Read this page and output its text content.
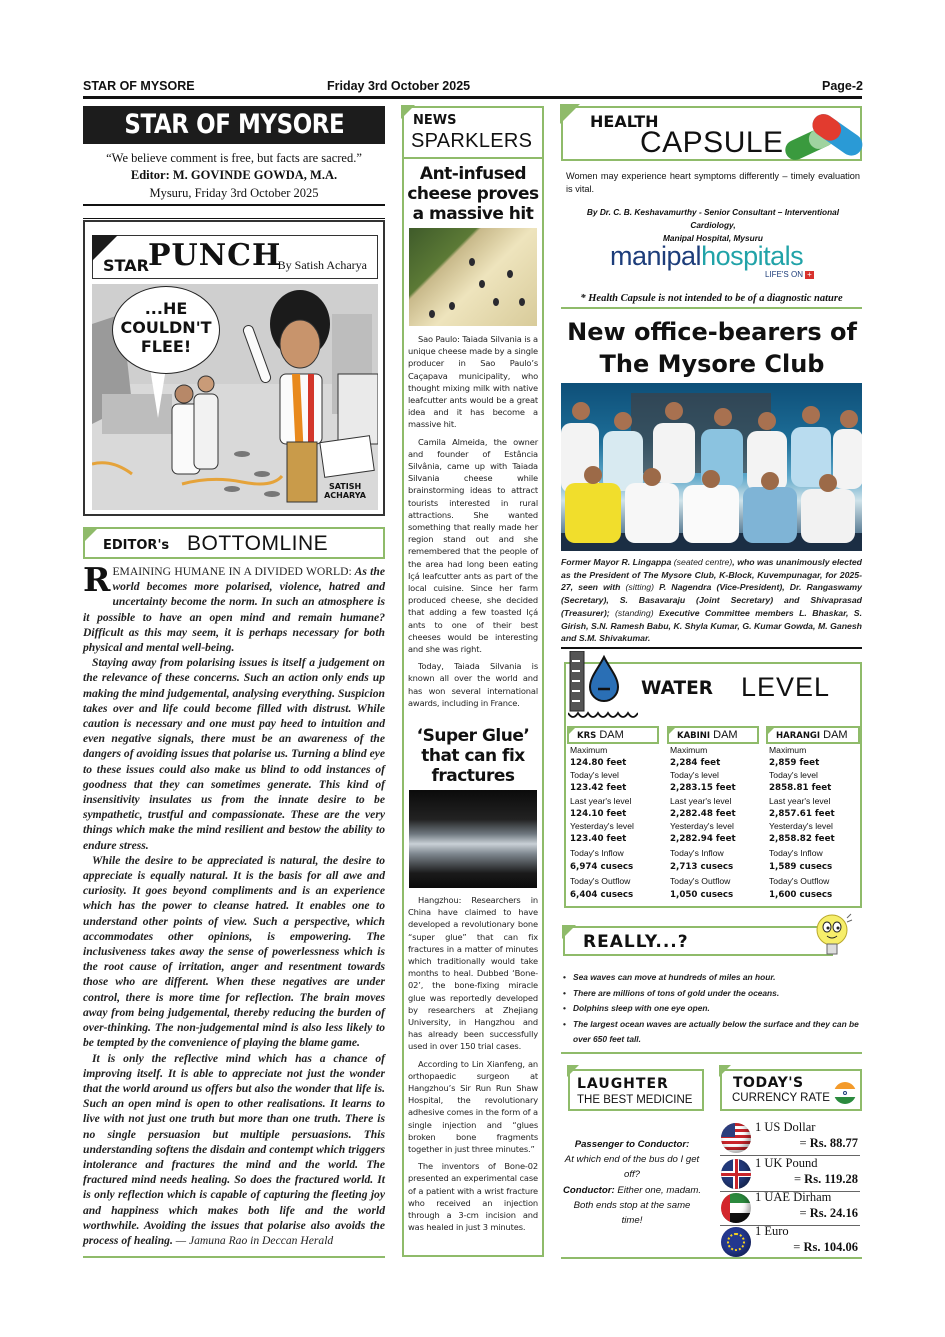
STAR OF MYSORE	Friday 3rd October 2025	Page-2
STAR OF MYSORE
“We believe comment is free, but facts are sacred.”
Editor: M. GOVINDE GOWDA, M.A.
Mysuru, Friday 3rd October 2025
STAR PUNCH
By Satish Acharya
...HE
COULDN'T
FLEE!
SATISH
ACHARYA
EDITOR's BOTTOMLINE

REMAINING HUMANE IN A DIVIDED WORLD: As the world becomes more polarised, violence, hatred and uncertainty become the norm. In such an atmosphere is it possible to have an open mind and remain humane? Difficult as this may seem, it is perhaps necessary for both physical and mental well-being.

Staying away from polarising issues is itself a judgement on the relevance of these concerns. Such an action only ends up making the mind judgemental, analysing everything. Suspicion takes over and life could become filled with distrust. While caution is necessary and one must pay heed to intuition and even negative signals, there must be an awareness of the dangers of avoiding issues that polarise us. Turning a blind eye to these issues could also make us blind to odd instances of goodness that they can sometimes generate. This kind of insensitivity insulates us from the innate desire to be sympathetic, trustful and compassionate. These are the very things which make the mind resilient and bestow the ability to endure stress.

While the desire to be appreciated is natural, the desire to appreciate is equally natural. It is the basis for all awe and curiosity. It goes beyond compliments and is an experience which has the power to cleanse hatred. It enables one to understand other points of view. Such a perspective, which accommodates other opinions, is empowering. The inclusiveness takes away the sense of powerlessness which is the root cause of irritation, anger and resentment towards those who are different. When these negatives are under control, there is more time for reflection. The brain moves away from being judgemental, thereby reducing the burden of over-thinking. The non-judgemental mind is also less likely to be tempted by the convenience of playing the blame game.

It is only the reflective mind which has a chance of improving itself. It is able to appreciate not just the wonder that the world around us offers but also the wonder that life is. Such an open mind is open to other realisations. It learns to live with not just one truth but more than one truth. There is no single persuasion but multiple persuasions. This understanding softens the disdain and contempt which triggers intolerance and fractures the mind and the world. The fractured mind needs healing. So does the fractured world. It is only reflection which is capable of capturing the fleeting joy and happiness which makes both life and the world worthwhile. Avoiding the issues that polarise also avoids the process of healing. — Jamuna Rao in Deccan Herald

NEWS
SPARKLERS
Ant-infused cheese proves a massive hit

Sao Paulo: Taiada Silvania is a unique cheese made by a single producer in Sao Paulo’s Caçapava municipality, who thought mixing milk with native leafcutter ants would be a great idea and it has become a massive hit.

Camila Almeida, the owner and founder of Estância Silvânia, came up with Taiada Silvania cheese while brainstorming ideas to attract tourists interested in rural attractions. She wanted something that really made her region stand out and she remembered that the people of the area had long been eating Içá leafcutter ants as part of the local cuisine. Since her farm produced cheese, she decided that adding a few toasted Içá ants to one of their best cheeses would be interesting and she was right.

Today, Taiada Silvania is known all over the world and has won several international awards, including in France.

‘Super Glue’ that can fix fractures

Hangzhou: Researchers in China have claimed to have developed a revolutionary bone “super glue” that can fix fractures in a matter of minutes which traditionally would take months to heal. Dubbed ‘Bone-02’, the bone-fixing miracle glue was reportedly developed by researchers at Zhejiang University, in Hangzhou and has already been successfully used in over 150 trial cases.

According to Lin Xianfeng, an orthopaedic surgeon at Hangzhou’s Sir Run Run Shaw Hospital, the revolutionary adhesive comes in the form of a single injection and “glues broken bone fragments together in just three minutes.”

The inventors of Bone-02 presented an experimental case of a patient with a wrist fracture who received an injection through a 3-cm incision and was healed in just 3 minutes.

HEALTH
CAPSULE
Women may experience heart symptoms differently – timely evaluation is vital.
By Dr. C. B. Keshavamurthy - Senior Consultant – Interventional Cardiology,
Manipal Hospital, Mysuru
manipalhospitals
LIFE'S ON +
* Health Capsule is not intended to be of a diagnostic nature
New office-bearers of
The Mysore Club
Former Mayor R. Lingappa (seated centre), who was unanimously elected as the President of The Mysore Club, K-Block, Kuvempunagar, for 2025-27, seen with (sitting) P. Nagendra (Vice-President), Dr. Rangaswamy (Secretary), S. Basavaraju (Joint Secretary) and Shivaprasad (Treasurer); (standing) Executive Committee members L. Bhaskar, S. Girish, S.N. Ramesh Babu, K. Shyla Kumar, G. Kumar Gowda, M. Ganesh and S.M. Shivakumar.
WATER LEVEL
KRS DAM
Maximum
124.80 feet
Today's level
123.42 feet
Last year's level
124.10 feet
Yesterday's level
123.40 feet
Today's Inflow
6,974 cusecs
Today's Outflow
6,404 cusecs
KABINI DAM
Maximum
2,284 feet
Today's level
2,283.15 feet
Last year's level
2,282.48 feet
Yesterday's level
2,282.94 feet
Today's Inflow
2,713 cusecs
Today's Outflow
1,050 cusecs
HARANGI DAM
Maximum
2,859 feet
Today's level
2858.81 feet
Last year's level
2,857.61 feet
Yesterday's level
2,858.82 feet
Today's Inflow
1,589 cusecs
Today's Outflow
1,600 cusecs
REALLY...?
• Sea waves can move at hundreds of miles an hour.
• There are millions of tons of gold under the oceans.
• Dolphins sleep with one eye open.
• The largest ocean waves are actually below the surface and they can be over 650 feet tall.
LAUGHTER
THE BEST MEDICINE
Passenger to Conductor:
At which end of the bus do I get off?
Conductor: Either one, madam. Both ends stop at the same time!
TODAY'S
CURRENCY RATE
1 US Dollar
= Rs. 88.77
1 UK Pound
= Rs. 119.28
1 UAE Dirham
= Rs. 24.16
1 Euro
= Rs. 104.06
